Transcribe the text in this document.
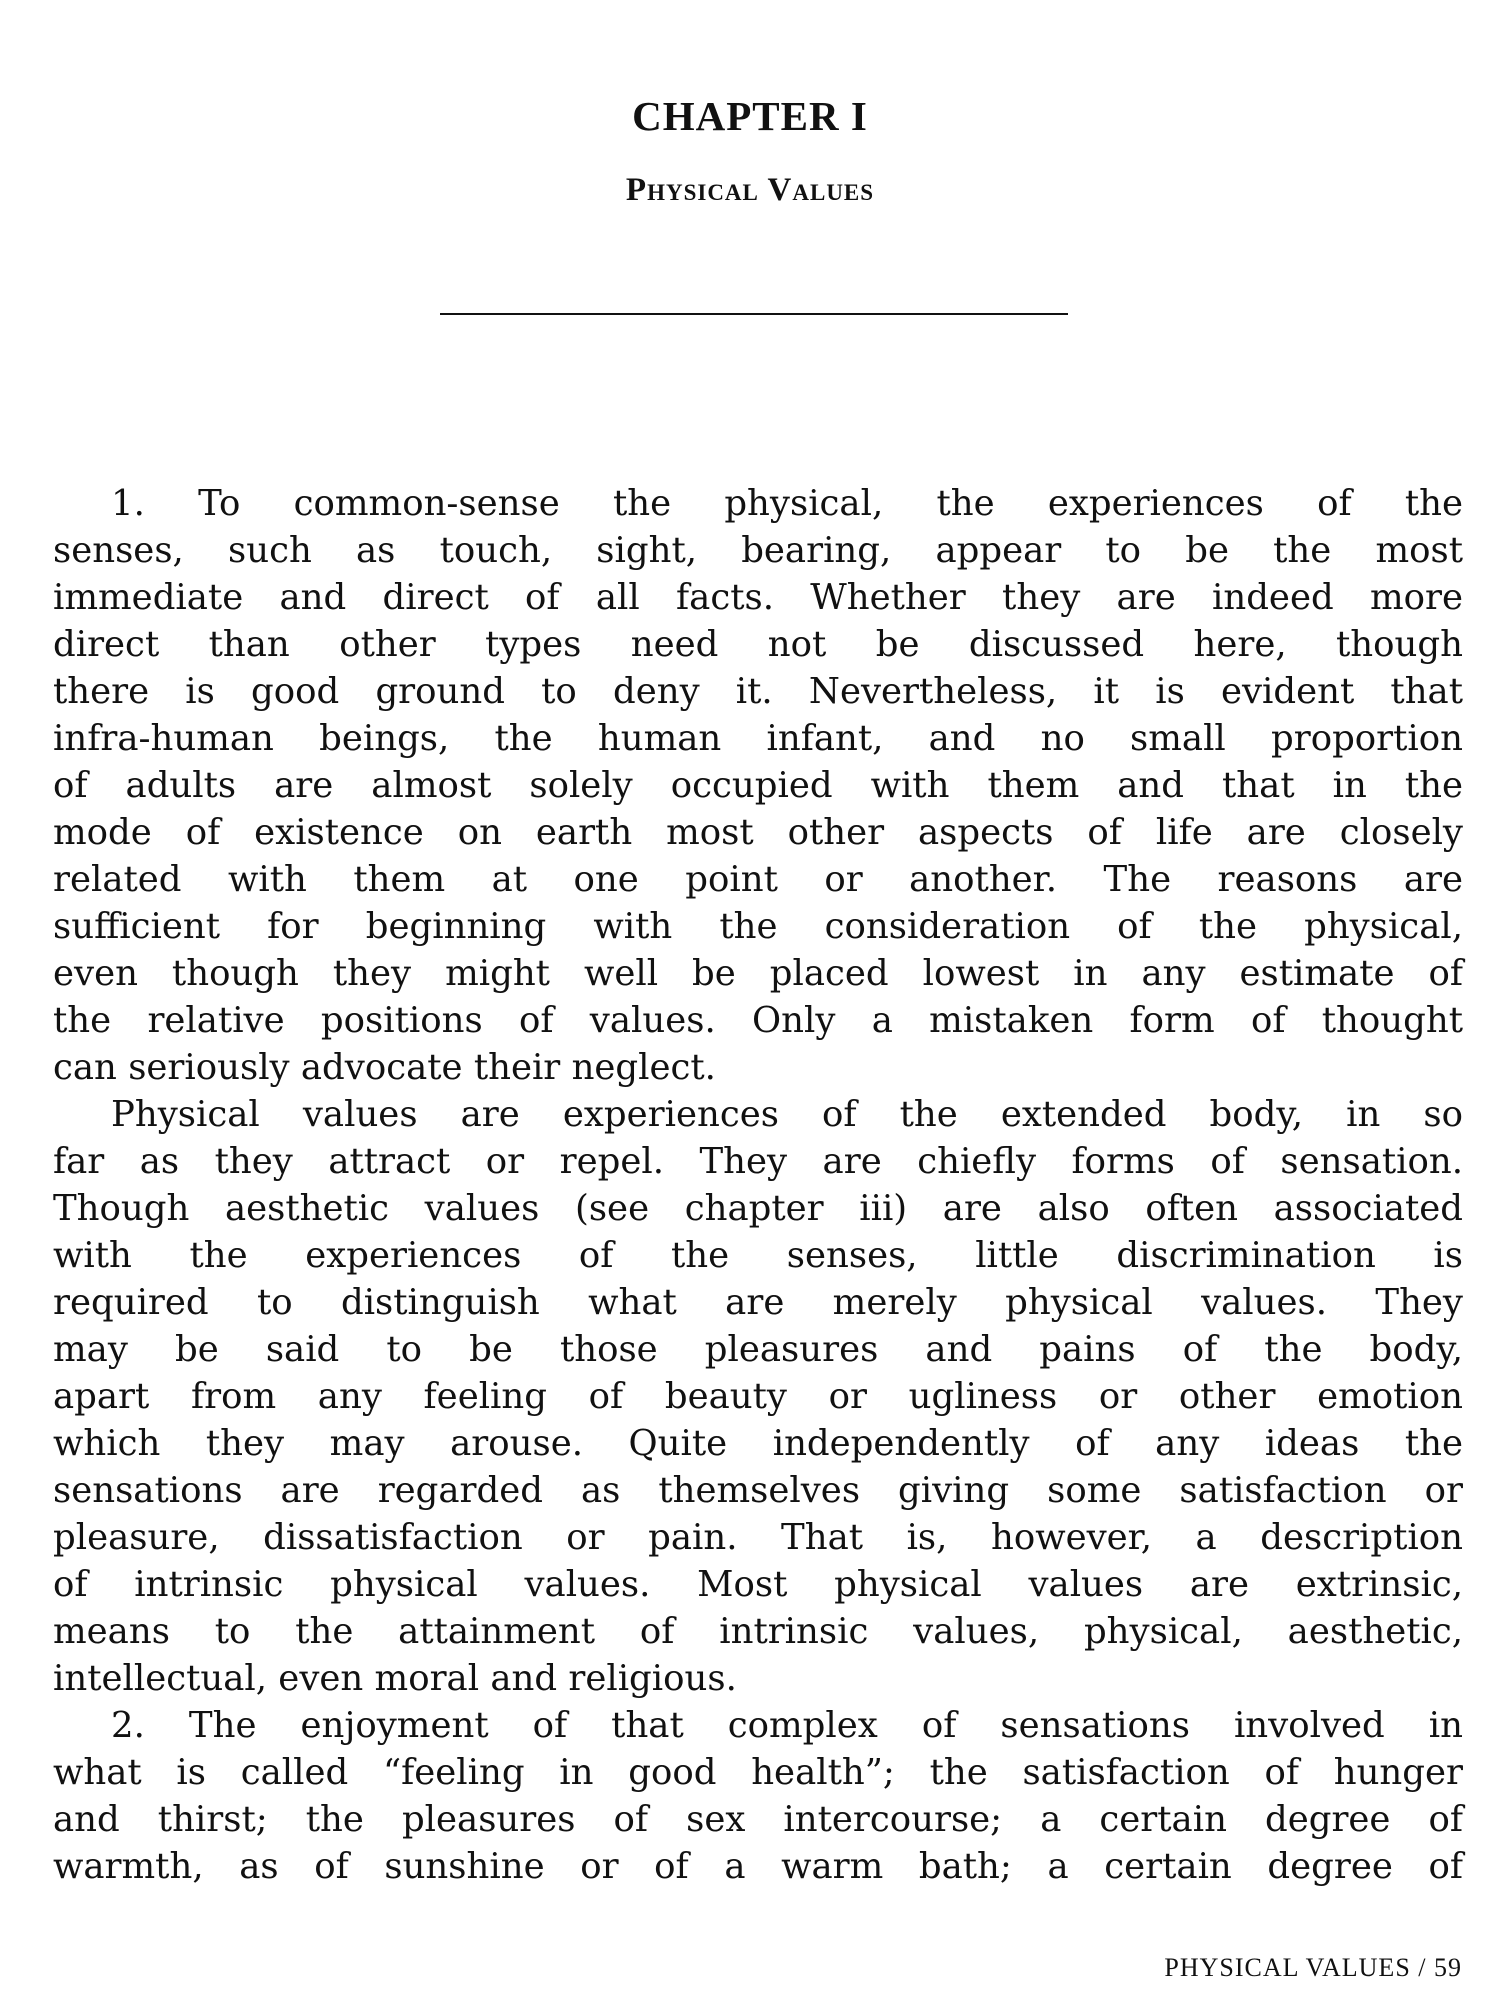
CHAPTER I
Physical Values
1. To common-sense the physical, the experiences of the
senses, such as touch, sight, bearing, appear to be the most
immediate and direct of all facts. Whether they are indeed more
direct than other types need not be discussed here, though
there is good ground to deny it. Nevertheless, it is evident that
infra-human beings, the human infant, and no small proportion
of adults are almost solely occupied with them and that in the
mode of existence on earth most other aspects of life are closely
related with them at one point or another. The reasons are
sufficient for beginning with the consideration of the physical,
even though they might well be placed lowest in any estimate of
the relative positions of values. Only a mistaken form of thought
can seriously advocate their neglect.
Physical values are experiences of the extended body, in so
far as they attract or repel. They are chiefly forms of sensation.
Though aesthetic values (see chapter iii) are also often associated
with the experiences of the senses, little discrimination is
required to distinguish what are merely physical values. They
may be said to be those pleasures and pains of the body,
apart from any feeling of beauty or ugliness or other emotion
which they may arouse. Quite independently of any ideas the
sensations are regarded as themselves giving some satisfaction or
pleasure, dissatisfaction or pain. That is, however, a description
of intrinsic physical values. Most physical values are extrinsic,
means to the attainment of intrinsic values, physical, aesthetic,
intellectual, even moral and religious.
2. The enjoyment of that complex of sensations involved in
what is called “feeling in good health”; the satisfaction of hunger
and thirst; the pleasures of sex intercourse; a certain degree of
warmth, as of sunshine or of a warm bath; a certain degree of
PHYSICAL VALUES / 59
